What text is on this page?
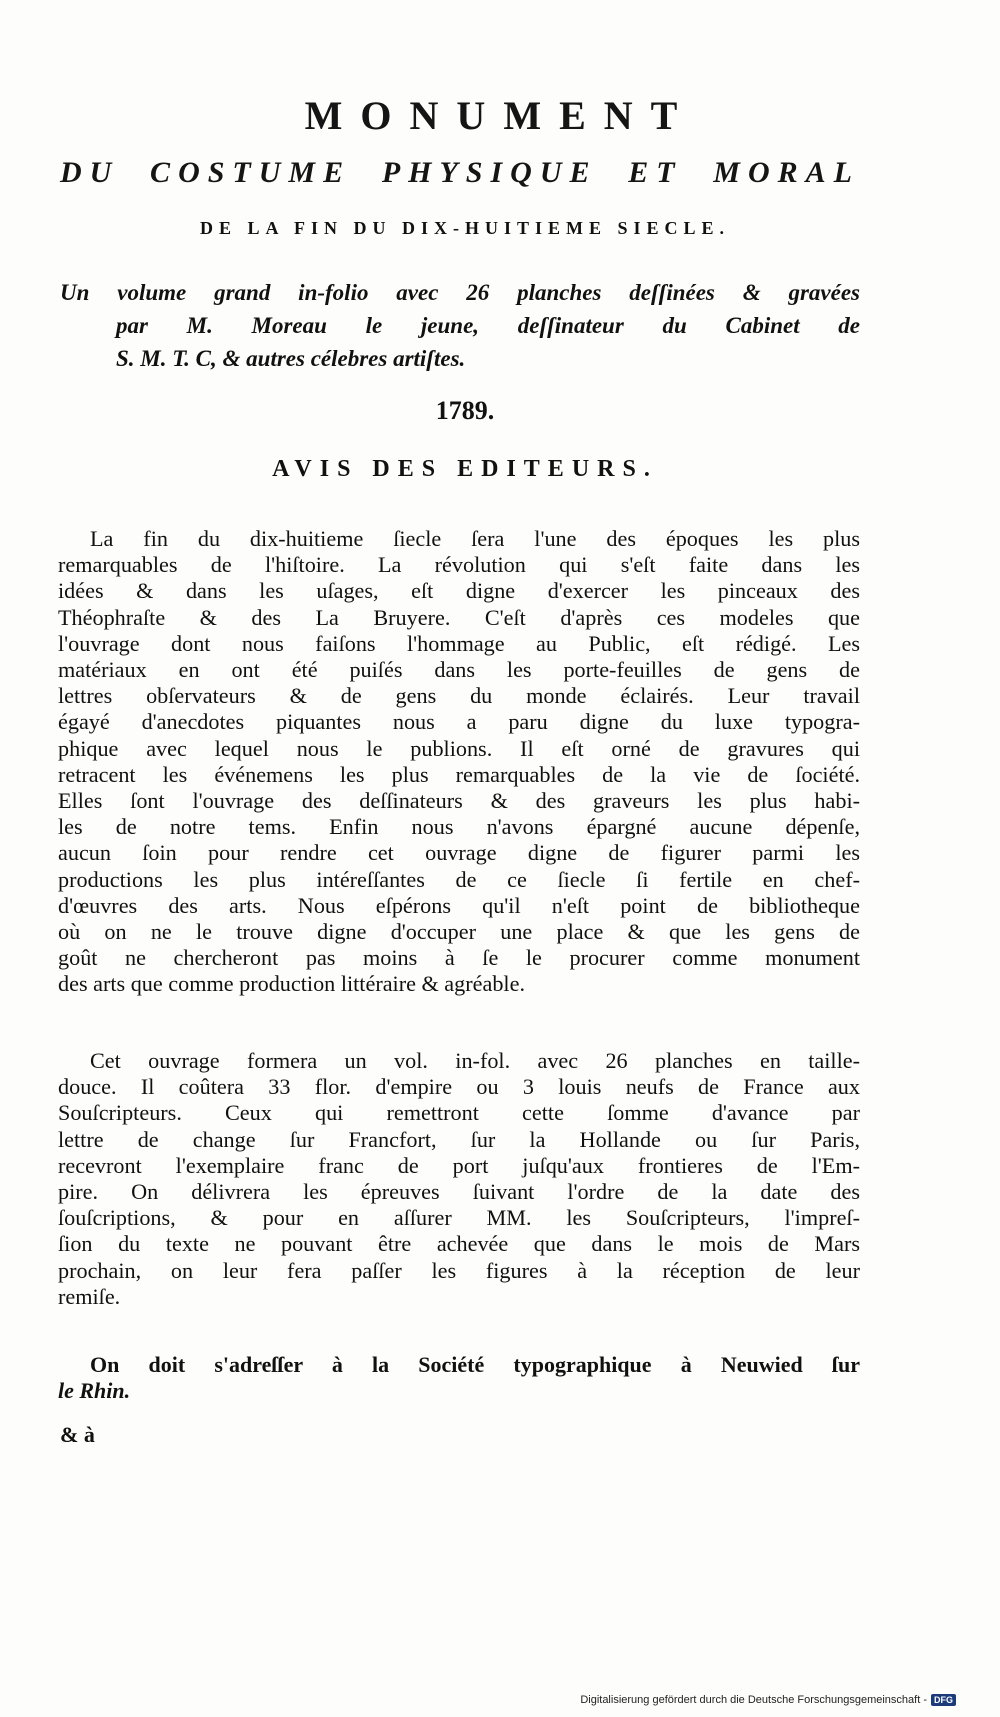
MONUMENT
DU COSTUME PHYSIQUE ET MORAL
DE LA FIN DU DIX-HUITIEME SIECLE.
Un volume grand in-folio avec 26 planches deſſinées & gravées
par M. Moreau le jeune, deſſinateur du Cabinet de
S. M. T. C, & autres célebres artiſtes.
1789.
AVIS DES EDITEURS.
La fin du dix-huitieme ſiecle ſera l'une des époques les plus
remarquables de l'hiſtoire. La révolution qui s'eſt faite dans les
idées & dans les uſages, eſt digne d'exercer les pinceaux des
Théophraſte & des La Bruyere. C'eſt d'après ces modeles que
l'ouvrage dont nous faiſons l'hommage au Public, eſt rédigé. Les
matériaux en ont été puiſés dans les porte-feuilles de gens de
lettres obſervateurs & de gens du monde éclairés. Leur travail
égayé d'anecdotes piquantes nous a paru digne du luxe typogra-
phique avec lequel nous le publions. Il eſt orné de gravures qui
retracent les événemens les plus remarquables de la vie de ſociété.
Elles ſont l'ouvrage des deſſinateurs & des graveurs les plus habi-
les de notre tems. Enfin nous n'avons épargné aucune dépenſe,
aucun ſoin pour rendre cet ouvrage digne de figurer parmi les
productions les plus intéreſſantes de ce ſiecle ſi fertile en chef-
d'œuvres des arts. Nous eſpérons qu'il n'eſt point de bibliotheque
où on ne le trouve digne d'occuper une place & que les gens de
goût ne chercheront pas moins à ſe le procurer comme monument
des arts que comme production littéraire & agréable.
Cet ouvrage formera un vol. in-fol. avec 26 planches en taille-
douce. Il coûtera 33 flor. d'empire ou 3 louis neufs de France aux
Souſcripteurs. Ceux qui remettront cette ſomme d'avance par
lettre de change ſur Francfort, ſur la Hollande ou ſur Paris,
recevront l'exemplaire franc de port juſqu'aux frontieres de l'Em-
pire. On délivrera les épreuves ſuivant l'ordre de la date des
ſouſcriptions, & pour en aſſurer MM. les Souſcripteurs, l'impreſ-
ſion du texte ne pouvant être achevée que dans le mois de Mars
prochain, on leur fera paſſer les figures à la réception de leur
remiſe.
On doit s'adreſſer à la Société typographique à Neuwied ſur
le Rhin.
& à
Digitalisierung gefördert durch die Deutsche Forschungsgemeinschaft - DFG
